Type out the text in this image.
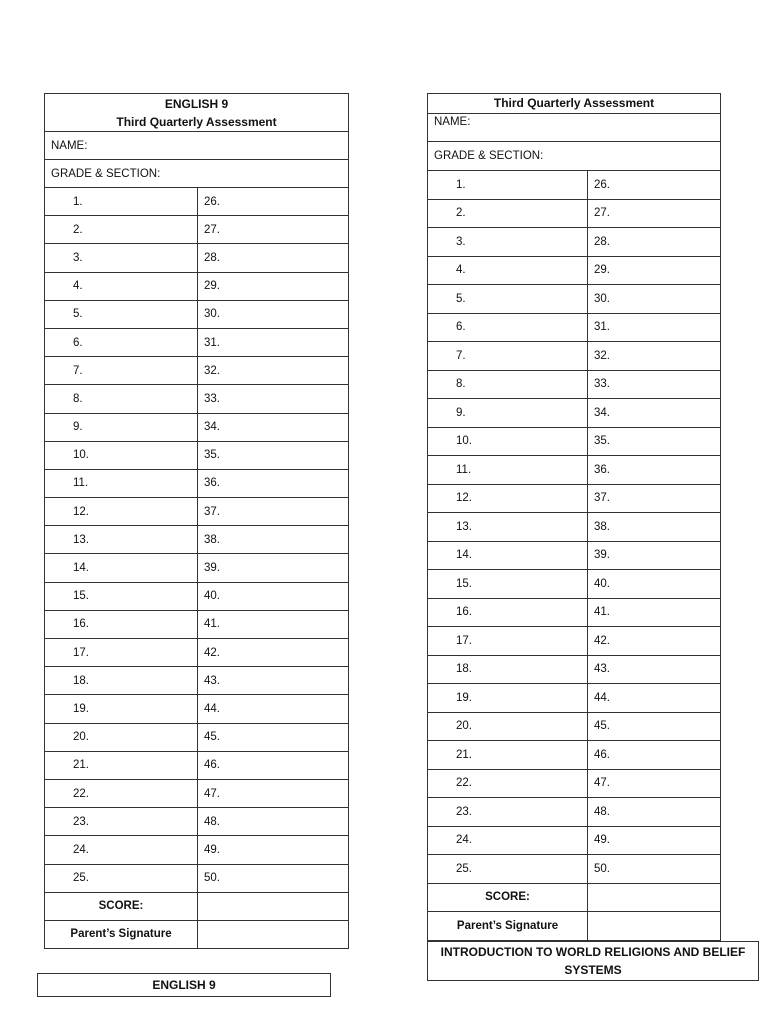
ENGLISH 9
Third Quarterly Assessment
NAME:
GRADE & SECTION:
1.	26.
2.	27.
3.	28.
4.	29.
5.	30.
6.	31.
7.	32.
8.	33.
9.	34.
10.	35.
11.	36.
12.	37.
13.	38.
14.	39.
15.	40.
16.	41.
17.	42.
18.	43.
19.	44.
20.	45.
21.	46.
22.	47.
23.	48.
24.	49.
25.	50.
SCORE:
Parent’s Signature
Third Quarterly Assessment
NAME:
GRADE & SECTION:
1.	26.
2.	27.
3.	28.
4.	29.
5.	30.
6.	31.
7.	32.
8.	33.
9.	34.
10.	35.
11.	36.
12.	37.
13.	38.
14.	39.
15.	40.
16.	41.
17.	42.
18.	43.
19.	44.
20.	45.
21.	46.
22.	47.
23.	48.
24.	49.
25.	50.
SCORE:
Parent’s Signature
INTRODUCTION TO WORLD RELIGIONS AND BELIEF SYSTEMS
ENGLISH 9
